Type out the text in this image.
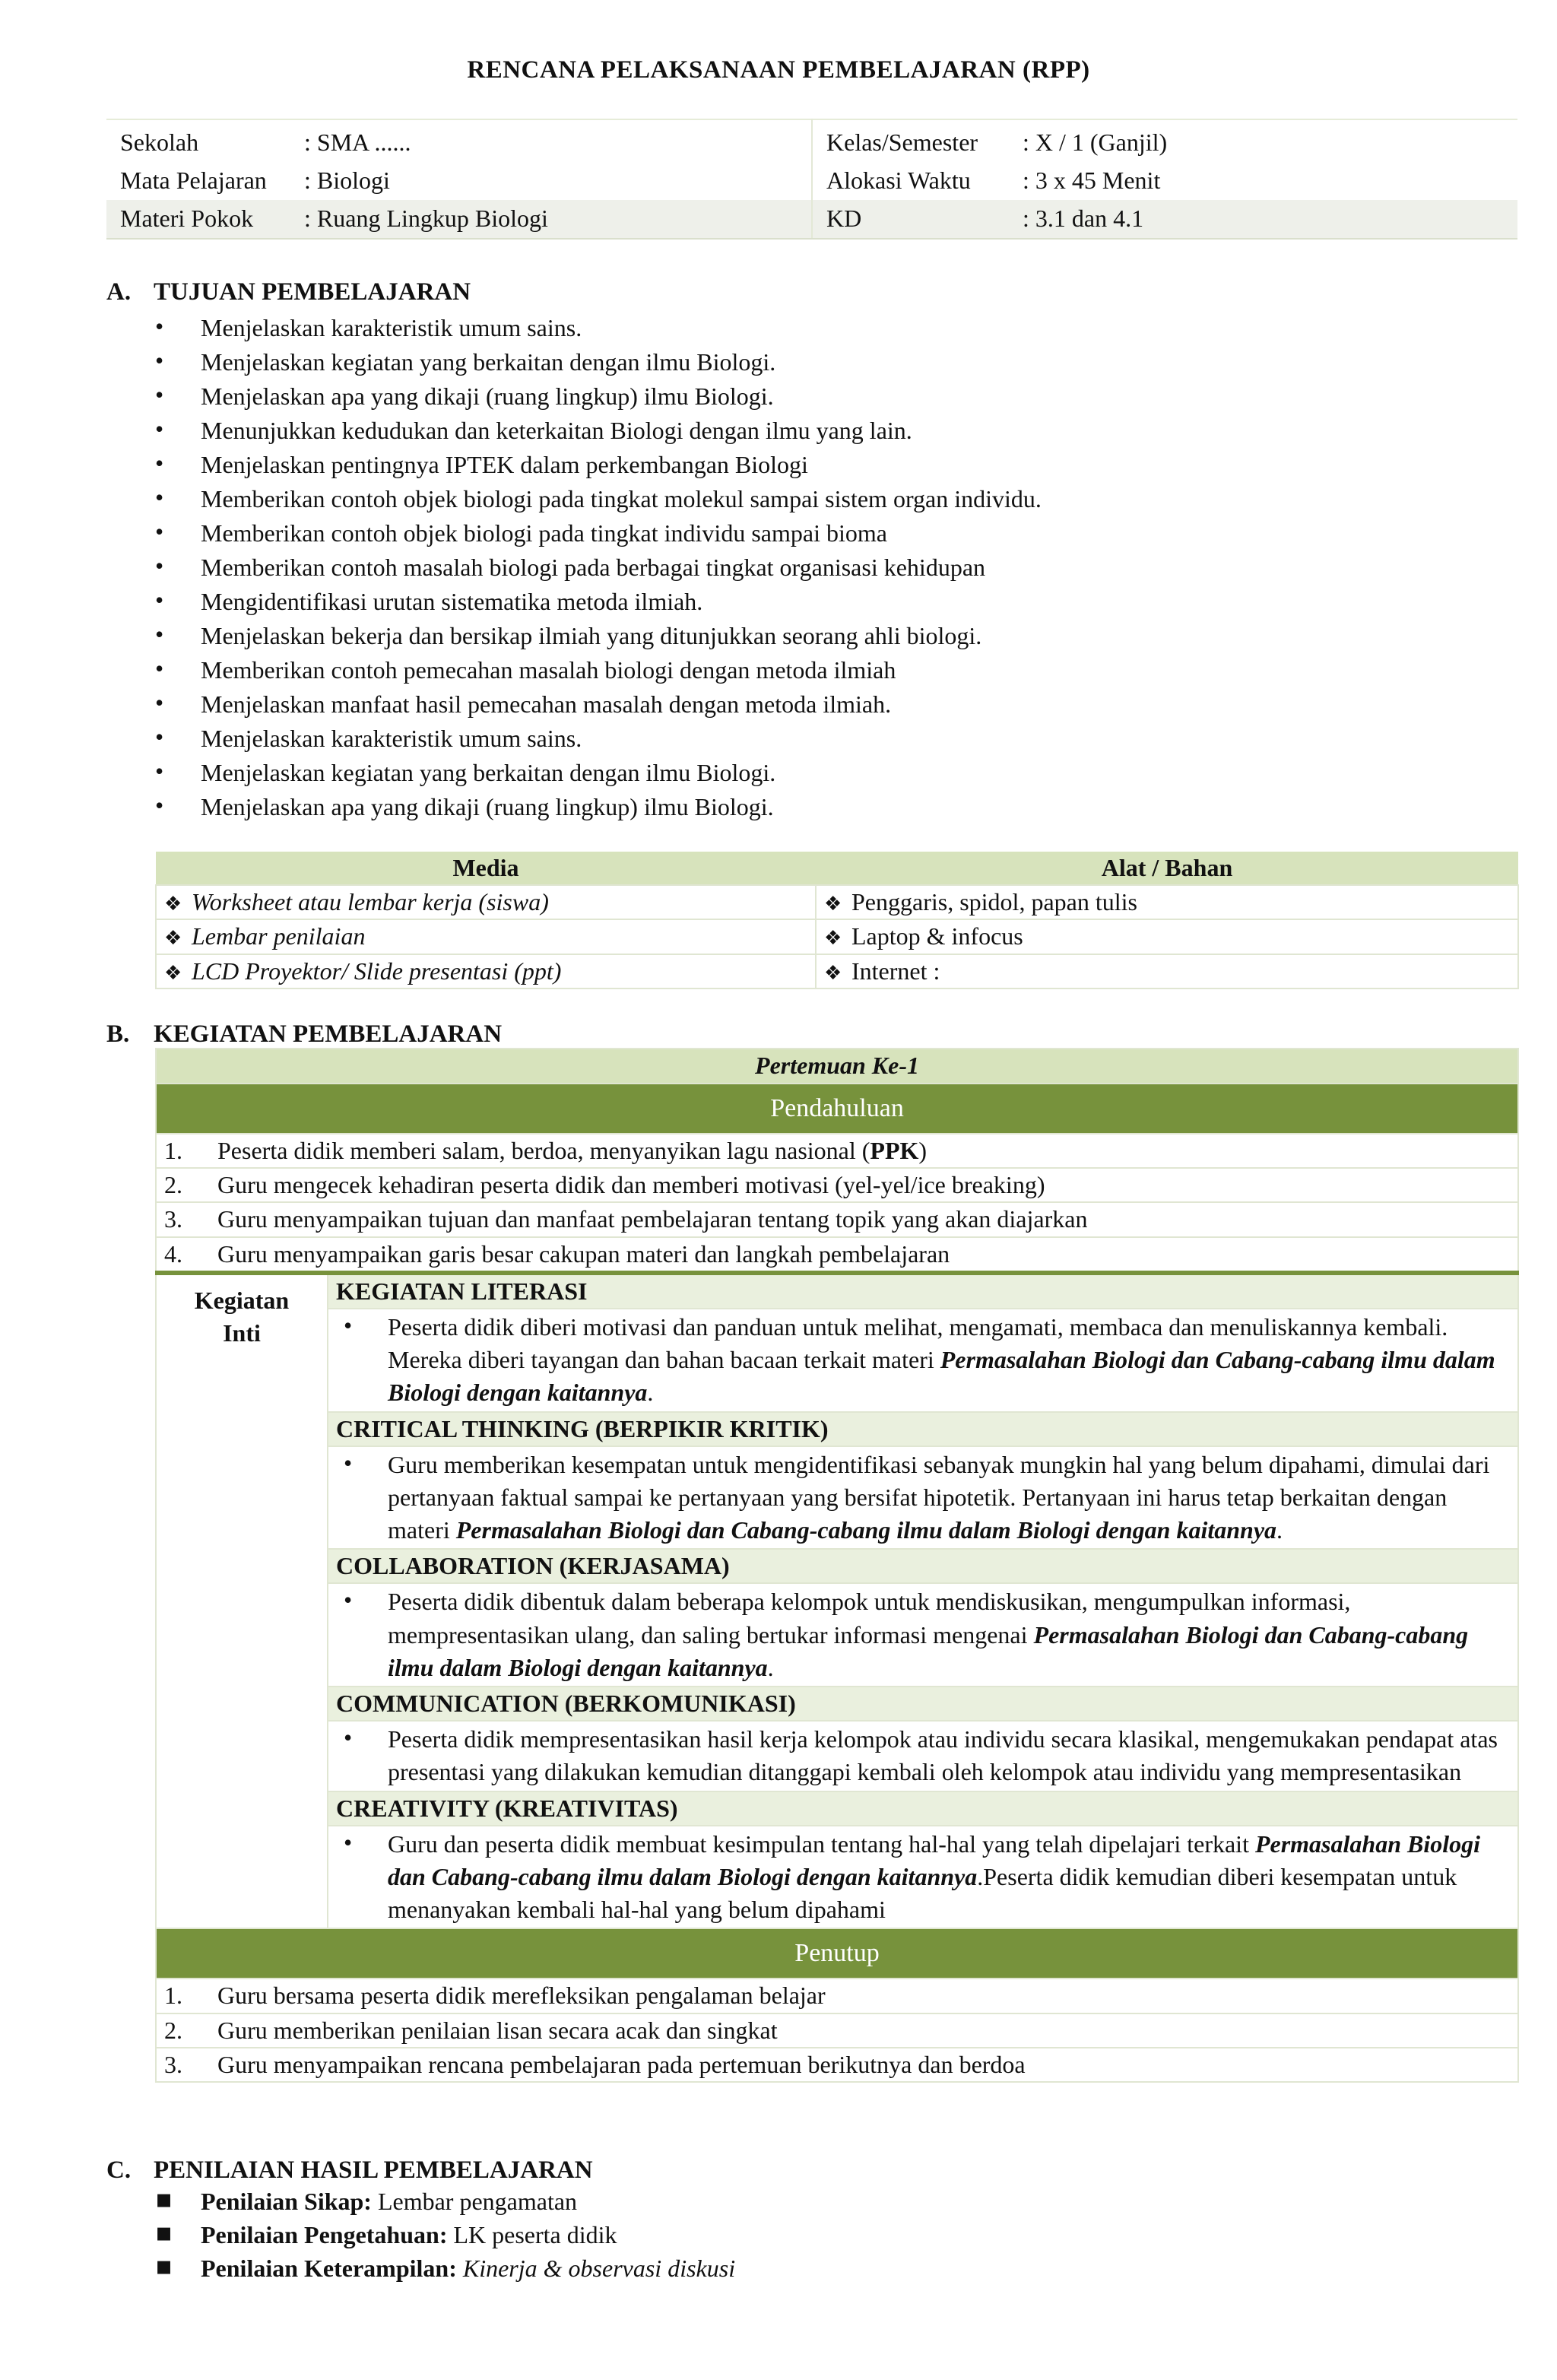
RENCANA PELAKSANAAN PEMBELAJARAN (RPP)
Sekolah : SMA ......	Kelas/Semester : X / 1 (Ganjil)
Mata Pelajaran : Biologi	Alokasi Waktu : 3 x 45 Menit
Materi Pokok : Ruang Lingkup Biologi	KD : 3.1 dan 4.1
A. TUJUAN PEMBELAJARAN
• Menjelaskan karakteristik umum sains.
• Menjelaskan kegiatan yang berkaitan dengan ilmu Biologi.
• Menjelaskan apa yang dikaji (ruang lingkup) ilmu Biologi.
• Menunjukkan kedudukan dan keterkaitan Biologi dengan ilmu yang lain.
• Menjelaskan pentingnya IPTEK dalam perkembangan Biologi
• Memberikan contoh objek biologi pada tingkat molekul sampai sistem organ individu.
• Memberikan contoh objek biologi pada tingkat individu sampai bioma
• Memberikan contoh masalah biologi pada berbagai tingkat organisasi kehidupan
• Mengidentifikasi urutan sistematika metoda ilmiah.
• Menjelaskan bekerja dan bersikap ilmiah yang ditunjukkan seorang ahli biologi.
• Memberikan contoh pemecahan masalah biologi dengan metoda ilmiah
• Menjelaskan manfaat hasil pemecahan masalah dengan metoda ilmiah.
• Menjelaskan karakteristik umum sains.
• Menjelaskan kegiatan yang berkaitan dengan ilmu Biologi.
• Menjelaskan apa yang dikaji (ruang lingkup) ilmu Biologi.
Media	Alat / Bahan
❖ Worksheet atau lembar kerja (siswa)	❖ Penggaris, spidol, papan tulis
❖ Lembar penilaian	❖ Laptop & infocus
❖ LCD Proyektor/ Slide presentasi (ppt)	❖ Internet :
B. KEGIATAN PEMBELAJARAN
Pertemuan Ke-1
Pendahuluan
1. Peserta didik memberi salam, berdoa, menyanyikan lagu nasional (PPK)
2. Guru mengecek kehadiran peserta didik dan memberi motivasi (yel-yel/ice breaking)
3. Guru menyampaikan tujuan dan manfaat pembelajaran tentang topik yang akan diajarkan
4. Guru menyampaikan garis besar cakupan materi dan langkah pembelajaran

Kegiatan
Inti
	KEGIATAN LITERASI
• Peserta didik diberi motivasi dan panduan untuk melihat, mengamati, membaca dan menuliskannya kembali. Mereka diberi tayangan dan bahan bacaan terkait materi Permasalahan Biologi dan Cabang-cabang ilmu dalam Biologi dengan kaitannya.
CRITICAL THINKING (BERPIKIR KRITIK)
• Guru memberikan kesempatan untuk mengidentifikasi sebanyak mungkin hal yang belum dipahami, dimulai dari pertanyaan faktual sampai ke pertanyaan yang bersifat hipotetik. Pertanyaan ini harus tetap berkaitan dengan materi Permasalahan Biologi dan Cabang-cabang ilmu dalam Biologi dengan kaitannya.
COLLABORATION (KERJASAMA)
• Peserta didik dibentuk dalam beberapa kelompok untuk mendiskusikan, mengumpulkan informasi, mempresentasikan ulang, dan saling bertukar informasi mengenai Permasalahan Biologi dan Cabang-cabang ilmu dalam Biologi dengan kaitannya.
COMMUNICATION (BERKOMUNIKASI)
• Peserta didik mempresentasikan hasil kerja kelompok atau individu secara klasikal, mengemukakan pendapat atas presentasi yang dilakukan kemudian ditanggapi kembali oleh kelompok atau individu yang mempresentasikan
CREATIVITY (KREATIVITAS)
• Guru dan peserta didik membuat kesimpulan tentang hal-hal yang telah dipelajari terkait Permasalahan Biologi dan Cabang-cabang ilmu dalam Biologi dengan kaitannya.Peserta didik kemudian diberi kesempatan untuk menanyakan kembali hal-hal yang belum dipahami
Penutup
1. Guru bersama peserta didik merefleksikan pengalaman belajar
2. Guru memberikan penilaian lisan secara acak dan singkat
3. Guru menyampaikan rencana pembelajaran pada pertemuan berikutnya dan berdoa
C. PENILAIAN HASIL PEMBELAJARAN
▪ Penilaian Sikap: Lembar pengamatan
▪ Penilaian Pengetahuan: LK peserta didik
▪ Penilaian Keterampilan: Kinerja & observasi diskusi
